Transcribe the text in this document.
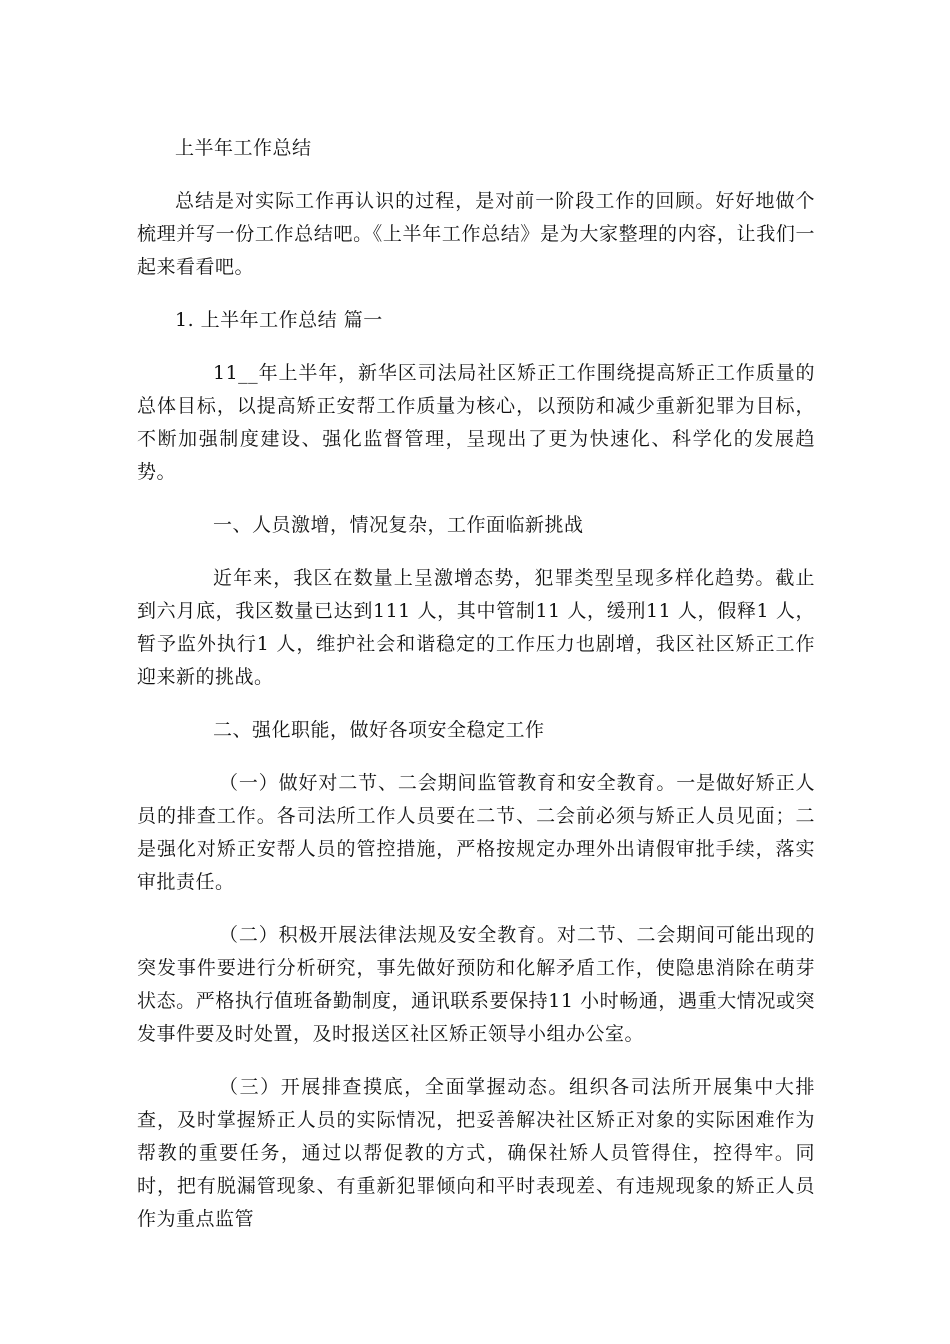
上半年工作总结

总结是对实际工作再认识的过程，是对前一阶段工作的回顾。好好地做个梳理并写一份工作总结吧。《上半年工作总结》是为大家整理的内容，让我们一起来看看吧。

1. 上半年工作总结 篇一

11__年上半年，新华区司法局社区矫正工作围绕提高矫正工作质量的总体目标，以提高矫正安帮工作质量为核心，以预防和减少重新犯罪为目标，不断加强制度建设、强化监督管理，呈现出了更为快速化、科学化的发展趋势。

一、人员激增，情况复杂，工作面临新挑战

近年来，我区在数量上呈激增态势，犯罪类型呈现多样化趋势。截止到六月底，我区数量已达到111 人，其中管制11 人，缓刑11 人，假释1 人，暂予监外执行1 人，维护社会和谐稳定的工作压力也剧增，我区社区矫正工作迎来新的挑战。

二、强化职能，做好各项安全稳定工作

（一）做好对二节、二会期间监管教育和安全教育。一是做好矫正人员的排查工作。各司法所工作人员要在二节、二会前必须与矫正人员见面；二是强化对矫正安帮人员的管控措施，严格按规定办理外出请假审批手续，落实审批责任。

（二）积极开展法律法规及安全教育。对二节、二会期间可能出现的突发事件要进行分析研究，事先做好预防和化解矛盾工作，使隐患消除在萌芽状态。严格执行值班备勤制度，通讯联系要保持11 小时畅通，遇重大情况或突发事件要及时处置，及时报送区社区矫正领导小组办公室。

（三）开展排查摸底，全面掌握动态。组织各司法所开展集中大排查，及时掌握矫正人员的实际情况，把妥善解决社区矫正对象的实际困难作为帮教的重要任务，通过以帮促教的方式，确保社矫人员管得住，控得牢。同时，把有脱漏管现象、有重新犯罪倾向和平时表现差、有违规现象的矫正人员作为重点监管
